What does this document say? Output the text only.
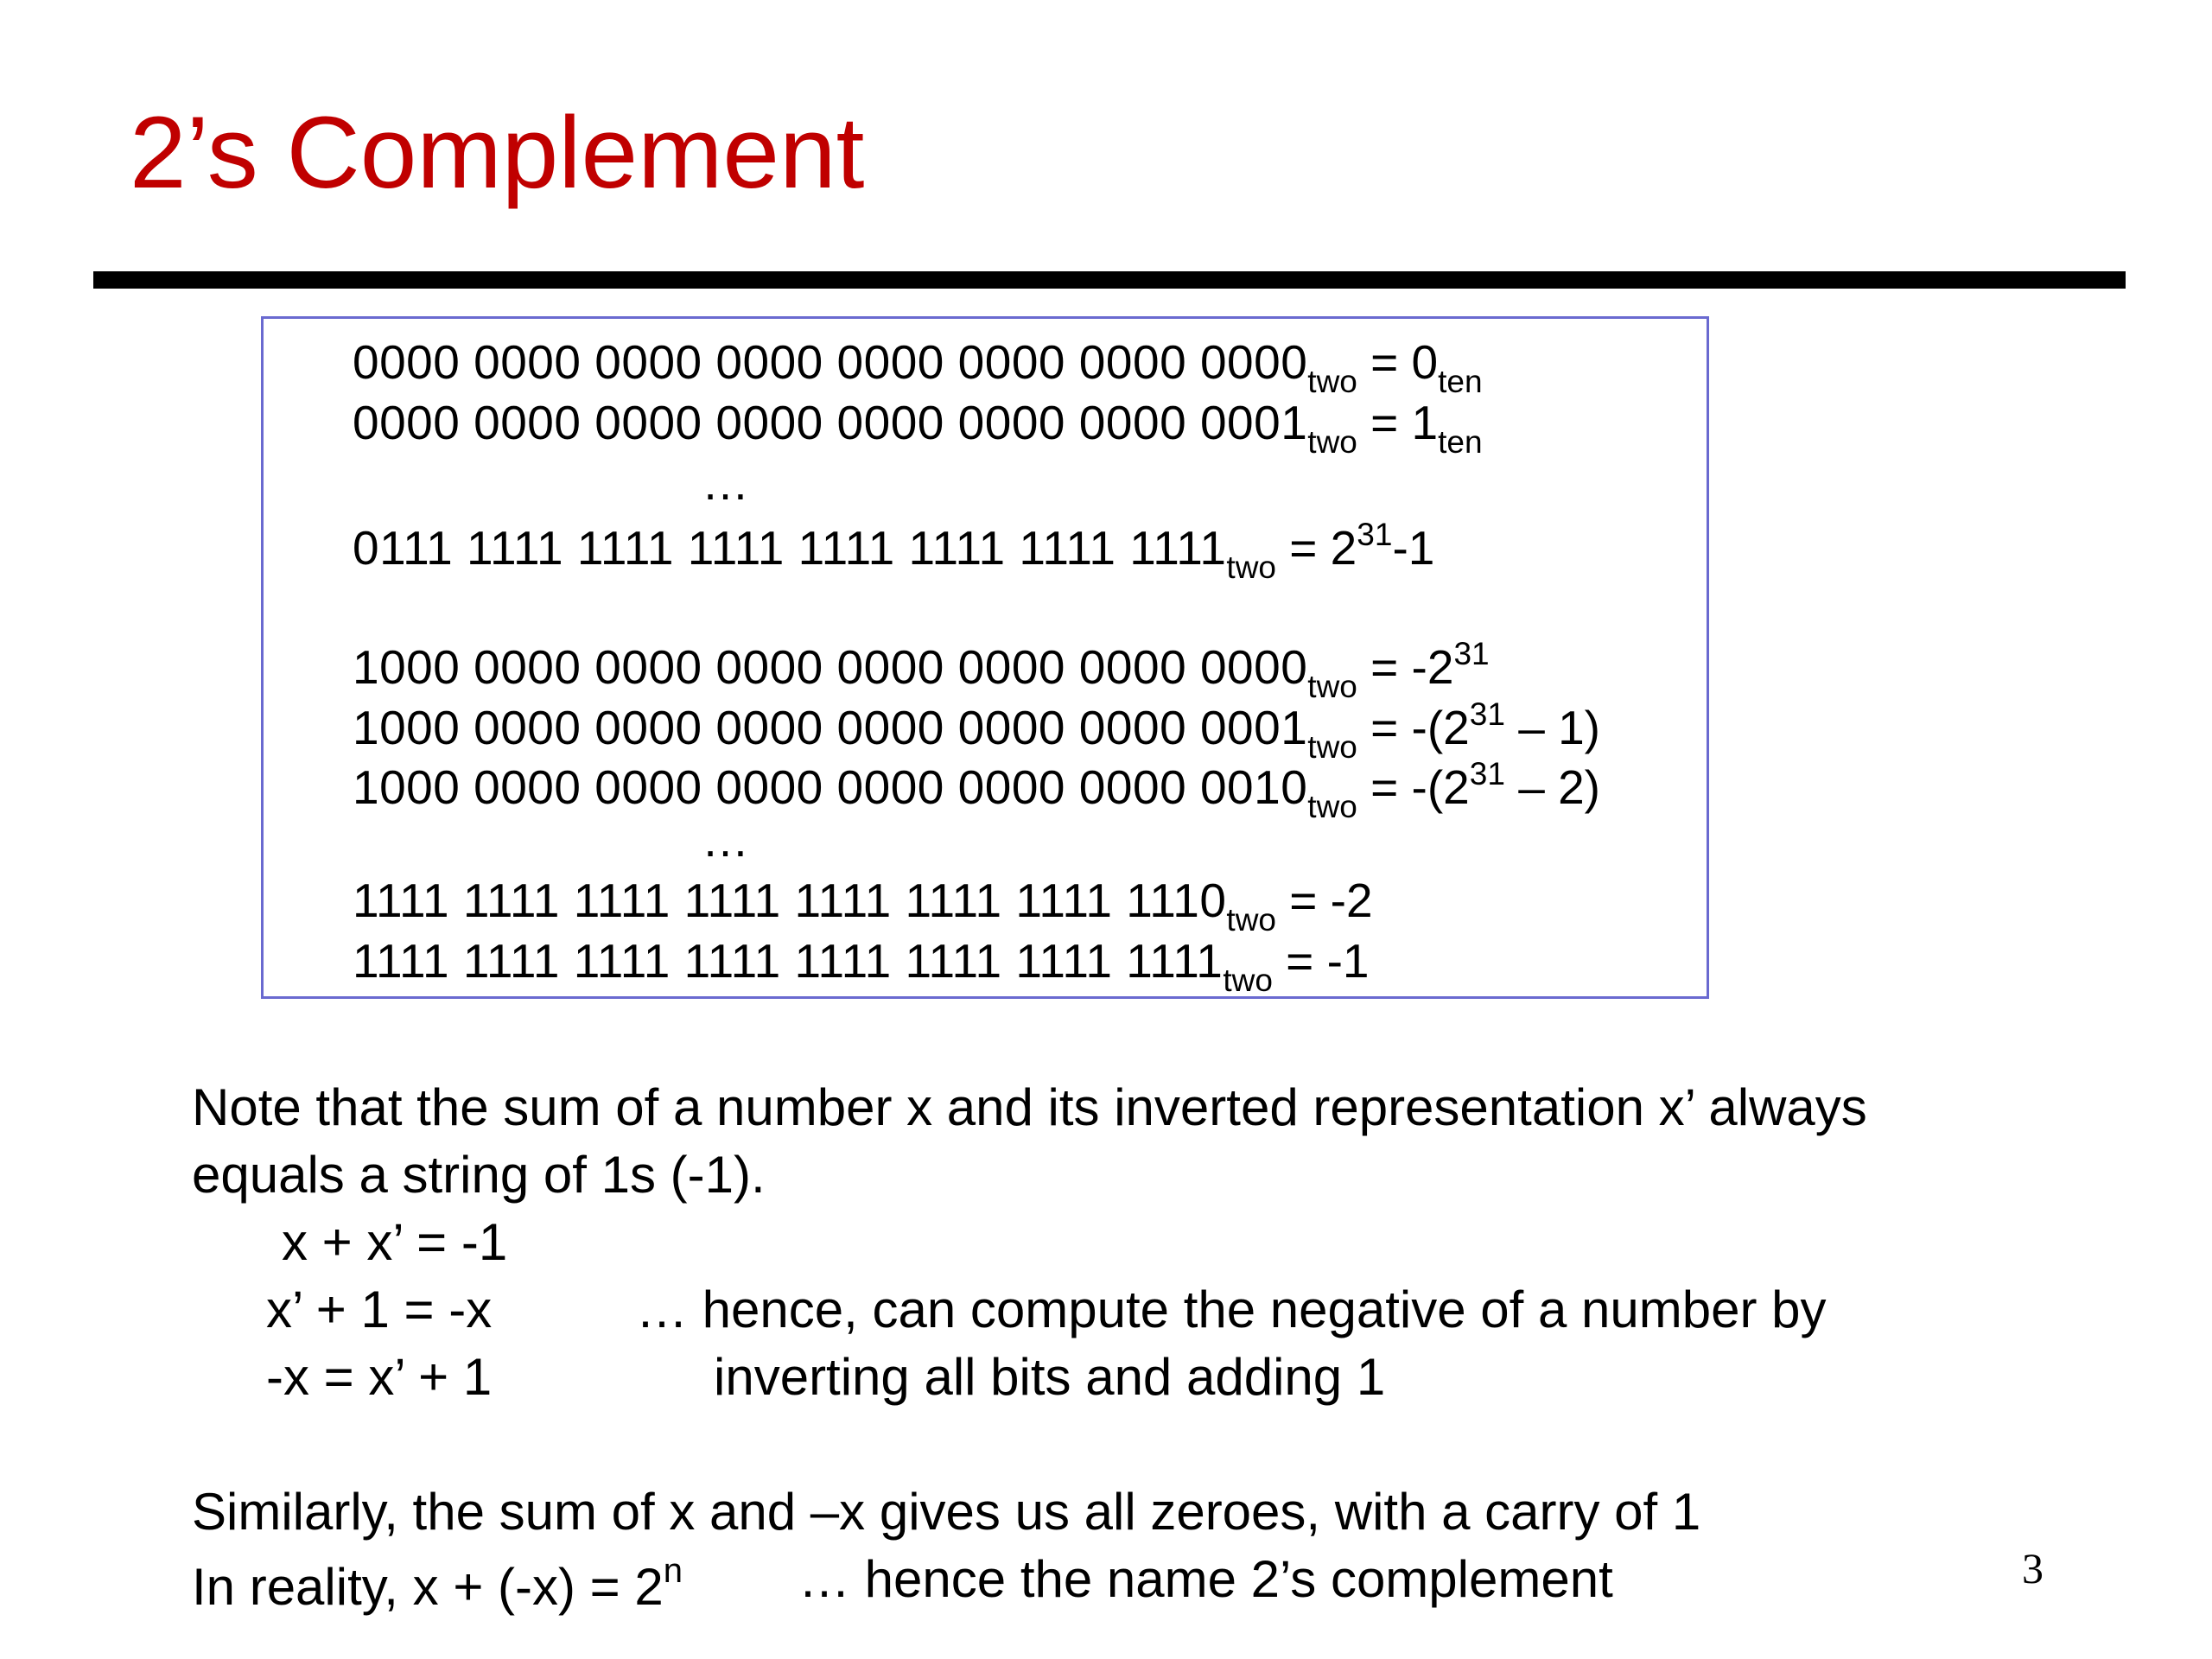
2’s Complement
0000 0000 0000 0000 0000 0000 0000 $0000_{two} = 0_{ten}$
0000 0000 0000 0000 0000 0000 0000 $0001_{two} = 1_{ten}$
…
0111 1111 1111 1111 1111 1111 1111 $1111_{two} = 2^{31}-1$
1000 0000 0000 0000 0000 0000 0000 $0000_{two} = -2^{31}$
1000 0000 0000 0000 0000 0000 0000 $0001_{two} = -(2^{31} - 1)$
1000 0000 0000 0000 0000 0000 0000 $0010_{two} = -(2^{31} - 2)$
…
1111 1111 1111 1111 1111 1111 1111 $1110_{two} = -2$
1111 1111 1111 1111 1111 1111 1111 $1111_{two} = -1$
Note that the sum of a number x and its inverted representation x’ always
equals a string of 1s (-1).
x + x’ = -1
x’ + 1 = -x	… hence, can compute the negative of a number by
-x = x’ + 1	inverting all bits and adding 1
Similarly, the sum of x and –x gives us all zeroes, with a carry of 1
In reality, $x + (-x) = 2^n$ … hence the name 2’s complement	3
